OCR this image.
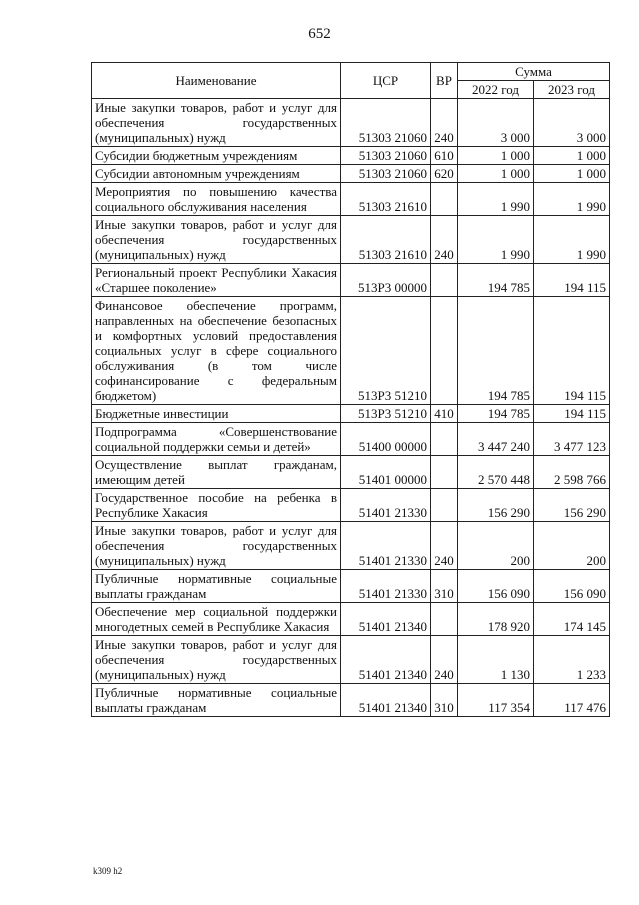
652
Наименование	ЦСР	ВР	Сумма	
			2022 год	2023 год
Иные закупки товаров, работ и услуг для обеспечения государственных (муниципальных) нужд	51303 21060	240	3 000	3 000
Субсидии бюджетным учреждениям	51303 21060	610	1 000	1 000
Субсидии автономным учреждениям	51303 21060	620	1 000	1 000
Мероприятия по повышению качества социального обслуживания населения	51303 21610		1 990	1 990
Иные закупки товаров, работ и услуг для обеспечения государственных (муниципальных) нужд	51303 21610	240	1 990	1 990
Региональный проект Республики Хакасия «Старшее поколение»	513P3 00000		194 785	194 115
Финансовое обеспечение программ, направленных на обеспечение безопасных и комфортных условий предоставления социальных услуг в сфере социального обслуживания (в том числе софинансирование с федеральным бюджетом)	513P3 51210		194 785	194 115
Бюджетные инвестиции	513P3 51210	410	194 785	194 115
Подпрограмма «Совершенствование социальной поддержки семьи и детей»	51400 00000		3 447 240	3 477 123
Осуществление выплат гражданам, имеющим детей	51401 00000		2 570 448	2 598 766
Государственное пособие на ребенка в Республике Хакасия	51401 21330		156 290	156 290
Иные закупки товаров, работ и услуг для обеспечения государственных (муниципальных) нужд	51401 21330	240	200	200
Публичные нормативные социальные выплаты гражданам	51401 21330	310	156 090	156 090
Обеспечение мер социальной поддержки многодетных семей в Республике Хакасия	51401 21340		178 920	174 145
Иные закупки товаров, работ и услуг для обеспечения государственных (муниципальных) нужд	51401 21340	240	1 130	1 233
Публичные нормативные социальные выплаты гражданам	51401 21340	310	117 354	117 476
k309 h2
